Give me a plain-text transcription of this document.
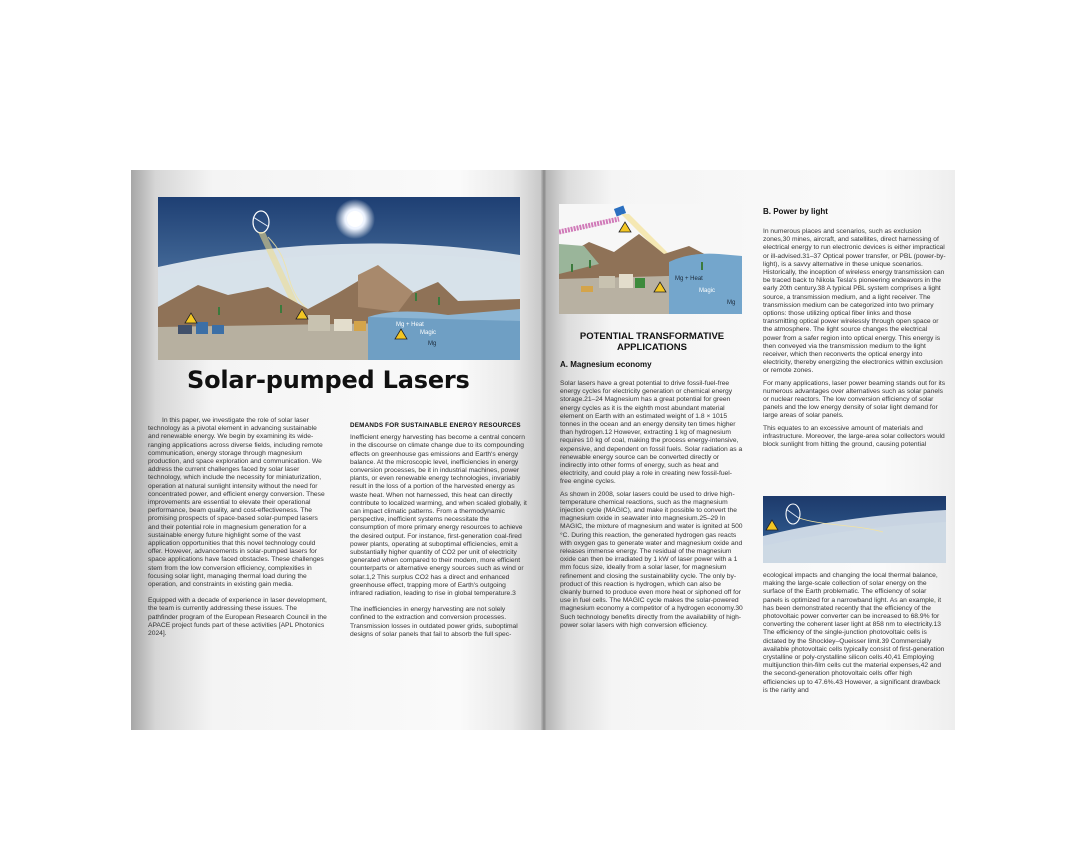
Mg + Heat
Magic
Mg
Solar-pumped Lasers

In this paper, we investigate the role of solar laser technology as a pivotal element in advancing sustainable and renewable energy. We begin by examining its wide-ranging applications across diverse fields, including remote communication, energy storage through magnesium production, and space exploration and communication. We address the current challenges faced by solar laser technology, which include the necessity for miniaturization, operation at natural sunlight intensity without the need for concentrated power, and efficient energy conversion. These improvements are essential to elevate their operational performance, beam quality, and cost-effectiveness. The promising prospects of space-based solar-pumped lasers and their potential role in magnesium generation for a sustainable energy future highlight some of the vast application opportunities that this novel technology could offer. However, advancements in solar-pumped lasers for space applications have faced obstacles. These challenges stem from the low conversion efficiency, complexities in focusing solar light, managing thermal load during the operation, and constraints in existing gain media.

Equipped with a decade of experience in laser development, the team is currently addressing these issues. The pathfinder program of the European Research Council in the APACE project funds part of these activities [APL Photonics 2024].

DEMANDS FOR SUSTAINABLE ENERGY RESOURCES

Inefficient energy harvesting has become a central concern in the discourse on climate change due to its compounding effects on greenhouse gas emissions and Earth's energy balance. At the microscopic level, inefficiencies in energy conversion processes, be it in industrial machines, power plants, or even renewable energy technologies, invariably result in the loss of a portion of the harvested energy as waste heat. When not harnessed, this heat can directly contribute to localized warming, and when scaled globally, it can impact climatic patterns. From a thermodynamic perspective, inefficient systems necessitate the consumption of more primary energy resources to achieve the desired output. For instance, first-generation coal-fired power plants, operating at suboptimal efficiencies, emit a substantially higher quantity of CO2 per unit of electricity generated when compared to their modern, more efficient counterparts or alternative energy sources such as wind or solar.1,2 This surplus CO2 has a direct and enhanced greenhouse effect, trapping more of Earth's outgoing infrared radiation, leading to rise in global temperature.3

The inefficiencies in energy harvesting are not solely confined to the extraction and conversion processes. Transmission losses in outdated power grids, suboptimal designs of solar panels that fail to absorb the full spec-

Mg + Heat
Magic
Mg
POTENTIAL TRANSFORMATIVE APPLICATIONS
A. Magnesium economy

Solar lasers have a great potential to drive fossil-fuel-free energy cycles for electricity generation or chemical energy storage.21–24 Magnesium has a great potential for green energy cycles as it is the eighth most abundant material element on Earth with an estimated weight of 1.8 × 1015 tonnes in the ocean and an energy density ten times higher than hydrogen.12 However, extracting 1 kg of magnesium requires 10 kg of coal, making the process energy-intensive, expensive, and dependent on fossil fuels. Solar radiation as a renewable energy source can be converted directly or indirectly into other forms of energy, such as heat and electricity, and could play a role in creating new fossil-fuel-free engine cycles.

As shown in 2008, solar lasers could be used to drive high-temperature chemical reactions, such as the magnesium injection cycle (MAGIC), and make it possible to convert the magnesium oxide in seawater into magnesium.25–29 In MAGIC, the mixture of magnesium and water is ignited at 500 °C. During this reaction, the generated hydrogen gas reacts with oxygen gas to generate water and magnesium oxide and releases immense energy. The residual of the magnesium oxide can then be irradiated by 1 kW of laser power with a 1 mm focus size, ideally from a solar laser, for magnesium refinement and closing the sustainability cycle. The only by-product of this reaction is hydrogen, which can also be cleanly burned to produce even more heat or siphoned off for use in fuel cells. The MAGIC cycle makes the solar-powered magnesium economy a competitor of a hydrogen economy.30 Such technology benefits directly from the availability of high-power solar lasers with high conversion efficiency.

B. Power by light

In numerous places and scenarios, such as exclusion zones,30 mines, aircraft, and satellites, direct harnessing of electrical energy to run electronic devices is either impractical or ill-advised.31–37 Optical power transfer, or PBL (power-by-light), is a savvy alternative in these unique scenarios. Historically, the inception of wireless energy transmission can be traced back to Nikola Tesla's pioneering endeavors in the early 20th century.38 A typical PBL system comprises a light source, a transmission medium, and a light receiver. The transmission medium can be categorized into two primary options: those utilizing optical fiber links and those transmitting optical power wirelessly through open space or the atmosphere. The light source changes the electrical power from a safer region into optical energy. This energy is then conveyed via the transmission medium to the light receiver, which then reconverts the optical energy into electricity, thereby energizing the electronics within exclusion or remote zones.

For many applications, laser power beaming stands out for its numerous advantages over alternatives such as solar panels or nuclear reactors. The low conversion efficiency of solar panels and the low energy density of solar light demand for large areas of solar panels.

This equates to an excessive amount of materials and infrastructure. Moreover, the large-area solar collectors would block sunlight from hitting the ground, causing potential

ecological impacts and changing the local thermal balance, making the large-scale collection of solar energy on the surface of the Earth problematic. The efficiency of solar panels is optimized for a narrowband light. As an example, it has been demonstrated recently that the efficiency of the photovoltaic power converter can be increased to 68.9% for converting the coherent laser light at 858 nm to electricity.13 The efficiency of the single-junction photovoltaic cells is dictated by the Shockley–Queisser limit.39 Commercially available photovoltaic cells typically consist of first-generation crystalline or poly-crystalline silicon cells.40,41 Employing multijunction thin-film cells cut the material expenses,42 and the second-generation photovoltaic cells offer high efficiencies up to 47.6%.43 However, a significant drawback is the rarity and
